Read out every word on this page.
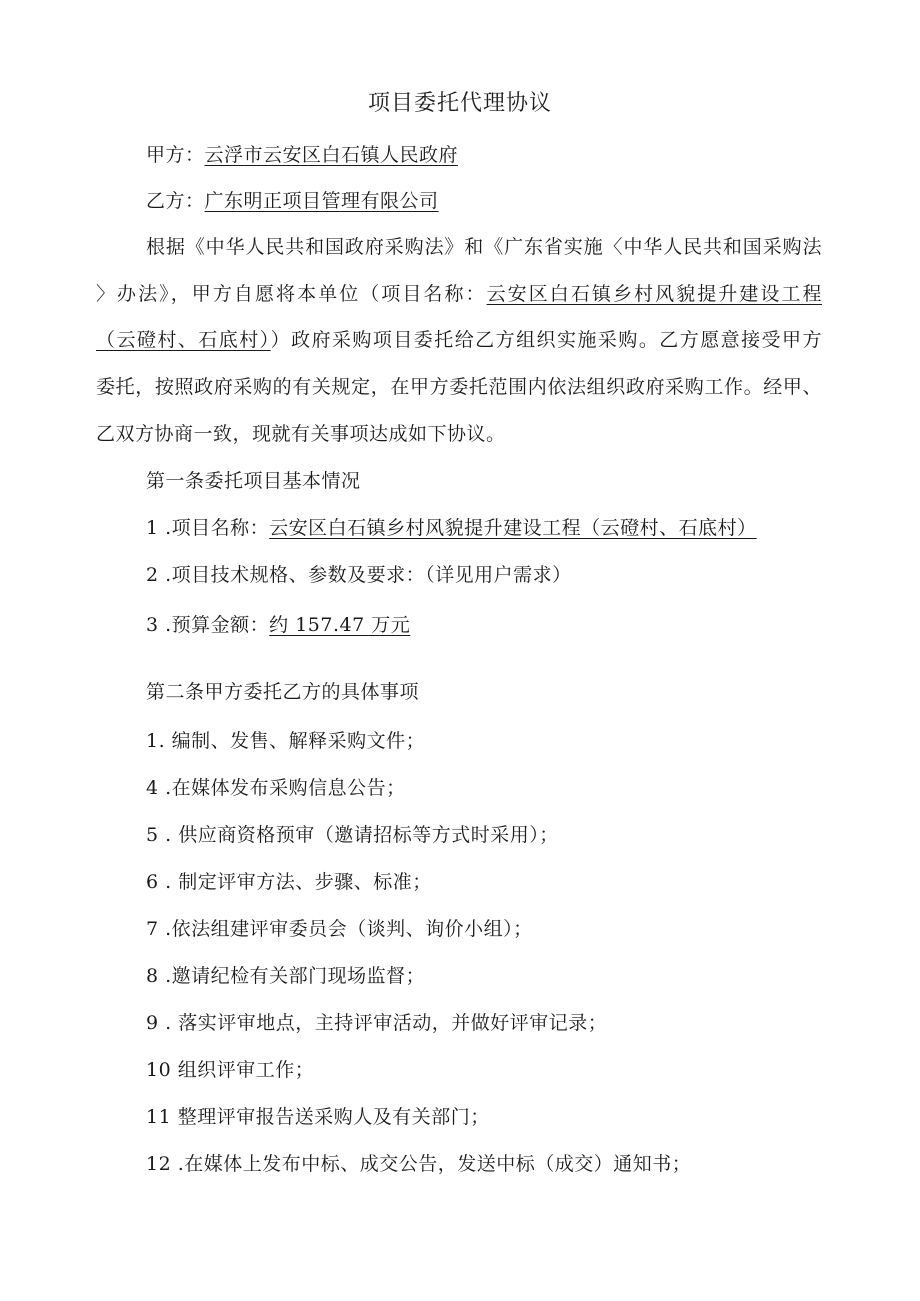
项目委托代理协议
甲方：云浮市云安区白石镇人民政府
乙方：广东明正项目管理有限公司
根据《中华人民共和国政府采购法》和《广东省实施〈中华人民共和国采购法
〉办法》，甲方自愿将本单位（项目名称：云安区白石镇乡村风貌提升建设工程
（云磴村、石底村））政府采购项目委托给乙方组织实施采购。乙方愿意接受甲方
委托，按照政府采购的有关规定，在甲方委托范围内依法组织政府采购工作。经甲、
乙双方协商一致，现就有关事项达成如下协议。
第一条委托项目基本情况
1 .项目名称：云安区白石镇乡村风貌提升建设工程（云磴村、石底村）
2 .项目技术规格、参数及要求：（详见用户需求）
3 .预算金额：约 157.47 万元
第二条甲方委托乙方的具体事项
1. 编制、发售、解释采购文件；
4 .在媒体发布采购信息公告；
5 . 供应商资格预审（邀请招标等方式时采用）；
6 . 制定评审方法、步骤、标准；
7 .依法组建评审委员会（谈判、询价小组）；
8 .邀请纪检有关部门现场监督；
9 . 落实评审地点，主持评审活动，并做好评审记录；
10 组织评审工作；
11 整理评审报告送采购人及有关部门；
12 .在媒体上发布中标、成交公告，发送中标（成交）通知书；
